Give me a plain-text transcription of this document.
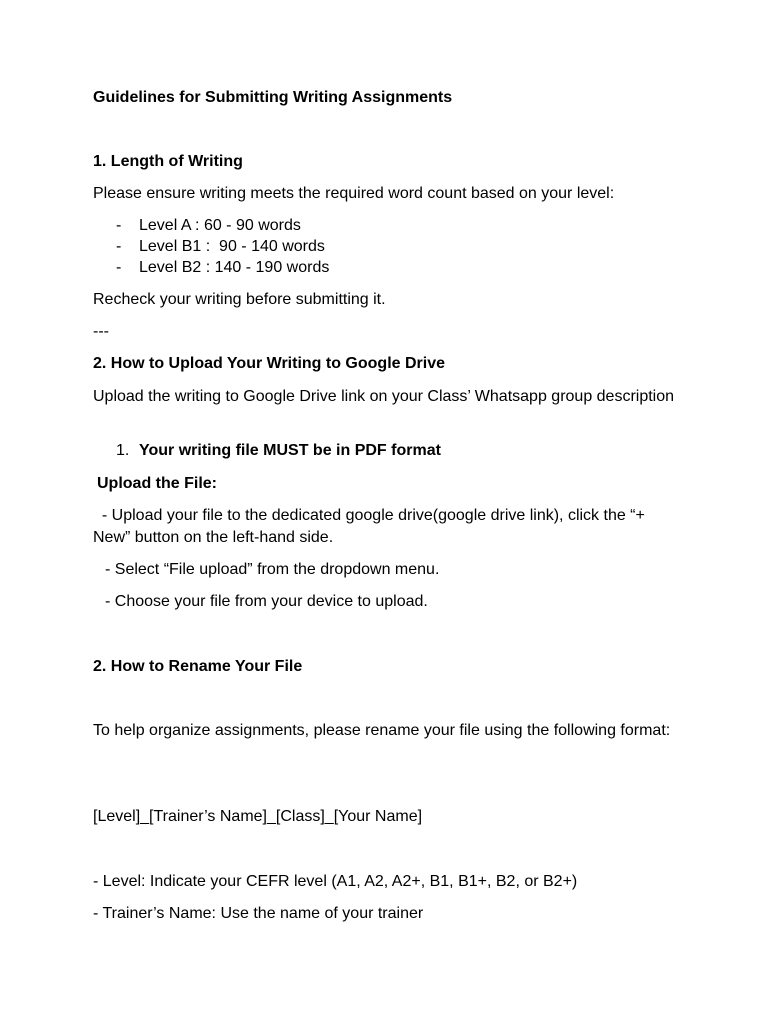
Guidelines for Submitting Writing Assignments
1. Length of Writing
Please ensure writing meets the required word count based on your level:
- Level A : 60 - 90 words
- Level B1 :  90 - 140 words
- Level B2 : 140 - 190 words
Recheck your writing before submitting it.
---
2. How to Upload Your Writing to Google Drive
Upload the writing to Google Drive link on your Class’ Whatsapp group description
1. Your writing file MUST be in PDF format
Upload the File:
- Upload your file to the dedicated google drive(google drive link), click the “+ New” button on the left-hand side.
- Select “File upload” from the dropdown menu.
- Choose your file from your device to upload.
2. How to Rename Your File
To help organize assignments, please rename your file using the following format:
[Level]_[Trainer’s Name]_[Class]_[Your Name]
- Level: Indicate your CEFR level (A1, A2, A2+, B1, B1+, B2, or B2+)
- Trainer’s Name: Use the name of your trainer
